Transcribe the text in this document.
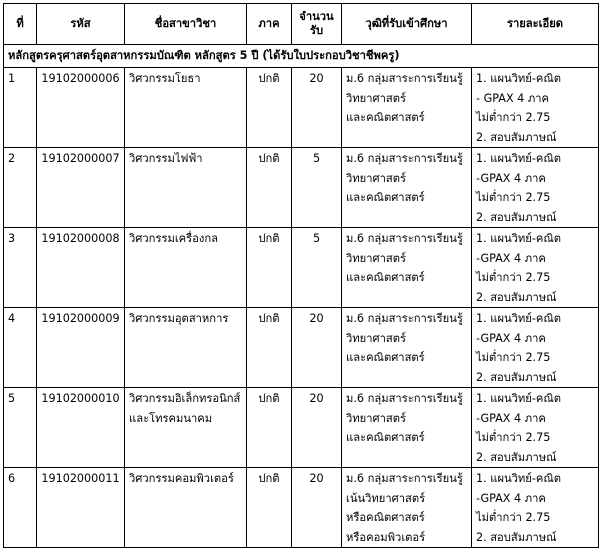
ที่	รหัส	ชื่อสาขาวิชา	ภาค	จำนวนรับ	วุฒิที่รับเข้าศึกษา	รายละเอียด
หลักสูตรครุศาสตร์อุตสาหกรรมบัณฑิต หลักสูตร 5 ปี (ได้รับใบประกอบวิชาชีพครู)						
1	19102000006	วิศวกรรมโยธา	ปกติ	20	ม.6 กลุ่มสาระการเรียนรู้
วิทยาศาสตร์
และคณิตศาสตร์	1. แผนวิทย์-คณิต
- GPAX 4 ภาค
ไม่ต่ำกว่า 2.75
2. สอบสัมภาษณ์

2	19102000007	วิศวกรรมไฟฟ้า	ปกติ	5	ม.6 กลุ่มสาระการเรียนรู้
วิทยาศาสตร์
และคณิตศาสตร์	1. แผนวิทย์-คณิต
-GPAX 4 ภาค
ไม่ต่ำกว่า 2.75
2. สอบสัมภาษณ์

3	19102000008	วิศวกรรมเครื่องกล	ปกติ	5	ม.6 กลุ่มสาระการเรียนรู้
วิทยาศาสตร์
และคณิตศาสตร์	1. แผนวิทย์-คณิต
-GPAX 4 ภาค
ไม่ต่ำกว่า 2.75
2. สอบสัมภาษณ์

4	19102000009	วิศวกรรมอุตสาหการ	ปกติ	20	ม.6 กลุ่มสาระการเรียนรู้
วิทยาศาสตร์
และคณิตศาสตร์	1. แผนวิทย์-คณิต
-GPAX 4 ภาค
ไม่ต่ำกว่า 2.75
2. สอบสัมภาษณ์

5	19102000010	วิศวกรรมอิเล็กทรอนิกส์
และโทรคมนาคม	ปกติ	20	ม.6 กลุ่มสาระการเรียนรู้
วิทยาศาสตร์
และคณิตศาสตร์	1. แผนวิทย์-คณิต
-GPAX 4 ภาค
ไม่ต่ำกว่า 2.75
2. สอบสัมภาษณ์

6	19102000011	วิศวกรรมคอมพิวเตอร์	ปกติ	20	ม.6 กลุ่มสาระการเรียนรู้
เน้นวิทยาศาสตร์
หรือคณิตศาสตร์
หรือคอมพิวเตอร์	1. แผนวิทย์-คณิต
-GPAX 4 ภาค
ไม่ต่ำกว่า 2.75
2. สอบสัมภาษณ์
